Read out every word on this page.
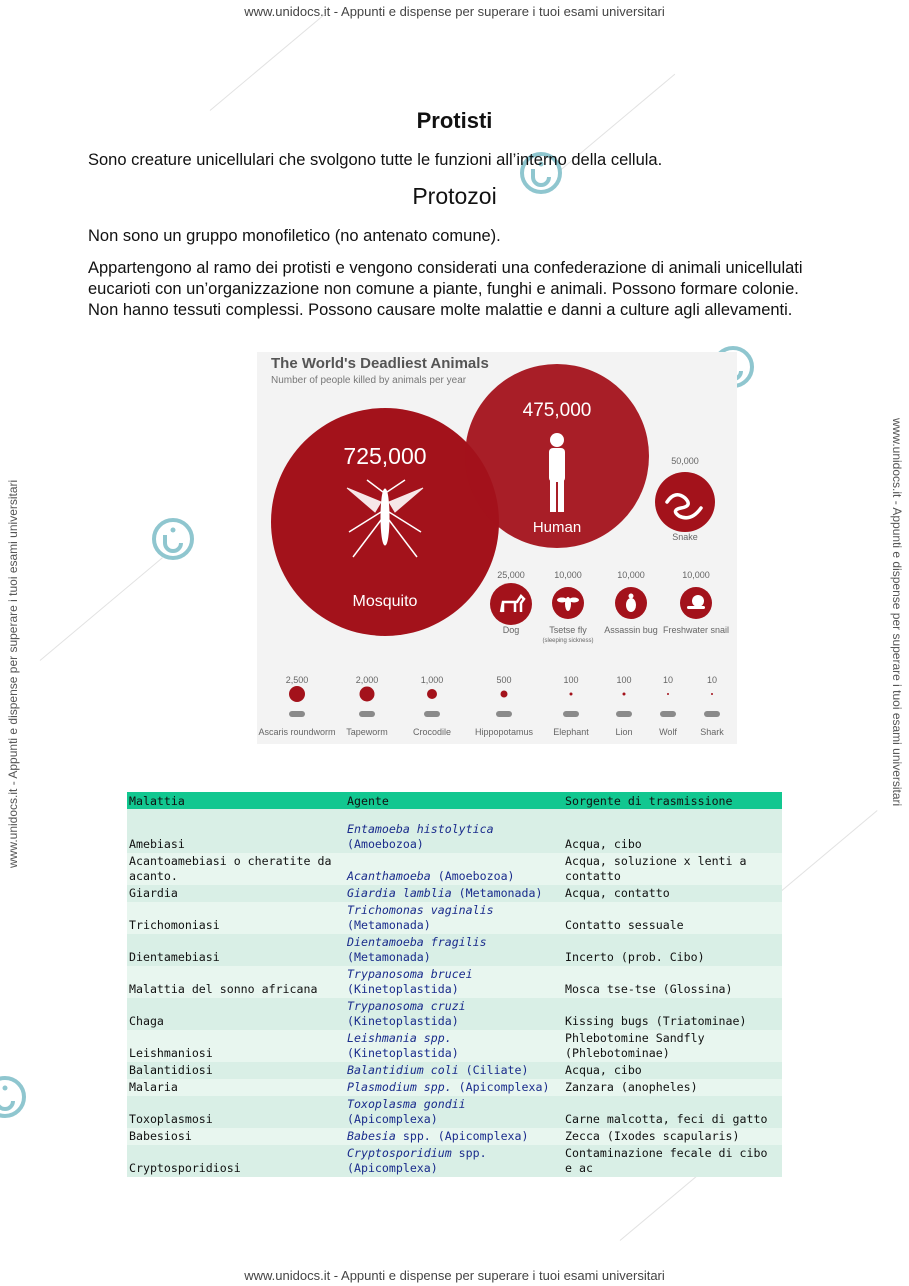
www.unidocs.it - Appunti e dispense per superare i tuoi esami universitari
www.unidocs.it - Appunti e dispense per superare i tuoi esami universitari
www.unidocs.it - Appunti e dispense per superare i tuoi esami universitari	www.unidocs.it - Appunti e dispense per superare i tuoi esami universitari
Protisti
Sono creature unicellulari che svolgono tutte le funzioni all’interno della cellula.
Protozoi
Non sono un gruppo monofiletico (no antenato comune).
Appartengono al ramo dei protisti e vengono considerati una confederazione di animali unicellulati eucarioti con un’organizzazione non comune a piante, funghi e animali. Possono formare colonie. Non hanno tessuti complessi. Possono causare molte malattie e danni a culture agli allevamenti.
The World's Deadliest Animals
Number of people killed by animals per year
725,000
Mosquito
475,000
Human
50,000
Snake
25,000
Dog
10,000
Tsetse fly
(sleeping sickness)
10,000
Assassin bug
10,000
Freshwater snail
2,500
Ascaris roundworm
2,000
Tapeworm
1,000
Crocodile
500
Hippopotamus
100
Elephant
100
Lion
10
Wolf
10
Shark
Malattia	Agente	Sorgente di trasmissione

Amebiasi	Entamoeba histolytica (Amoebozoa)	Acqua, cibo
Acantoamebiasi o cheratite da acanto.	Acanthamoeba (Amoebozoa)	Acqua, soluzione x lenti a contatto
Giardia	Giardia lamblia (Metamonada)	Acqua, contatto
Trichomoniasi	Trichomonas vaginalis (Metamonada)	Contatto sessuale
Dientamebiasi	Dientamoeba fragilis (Metamonada)	Incerto (prob. Cibo)
Malattia del sonno africana	Trypanosoma brucei (Kinetoplastida)	Mosca tse-tse (Glossina)
Chaga	Trypanosoma cruzi (Kinetoplastida)	Kissing bugs (Triatominae)
Leishmaniosi	Leishmania spp. (Kinetoplastida)	Phlebotomine Sandfly (Phlebotominae)
Balantidiosi	Balantidium coli (Ciliate)	Acqua, cibo
Malaria	Plasmodium spp. (Apicomplexa)	Zanzara (anopheles)
Toxoplasmosi	Toxoplasma gondii (Apicomplexa)	Carne malcotta, feci di gatto
Babesiosi	Babesia spp. (Apicomplexa)	Zecca (Ixodes scapularis)
Cryptosporidiosi	Cryptosporidium spp. (Apicomplexa)	Contaminazione fecale di cibo e ac
